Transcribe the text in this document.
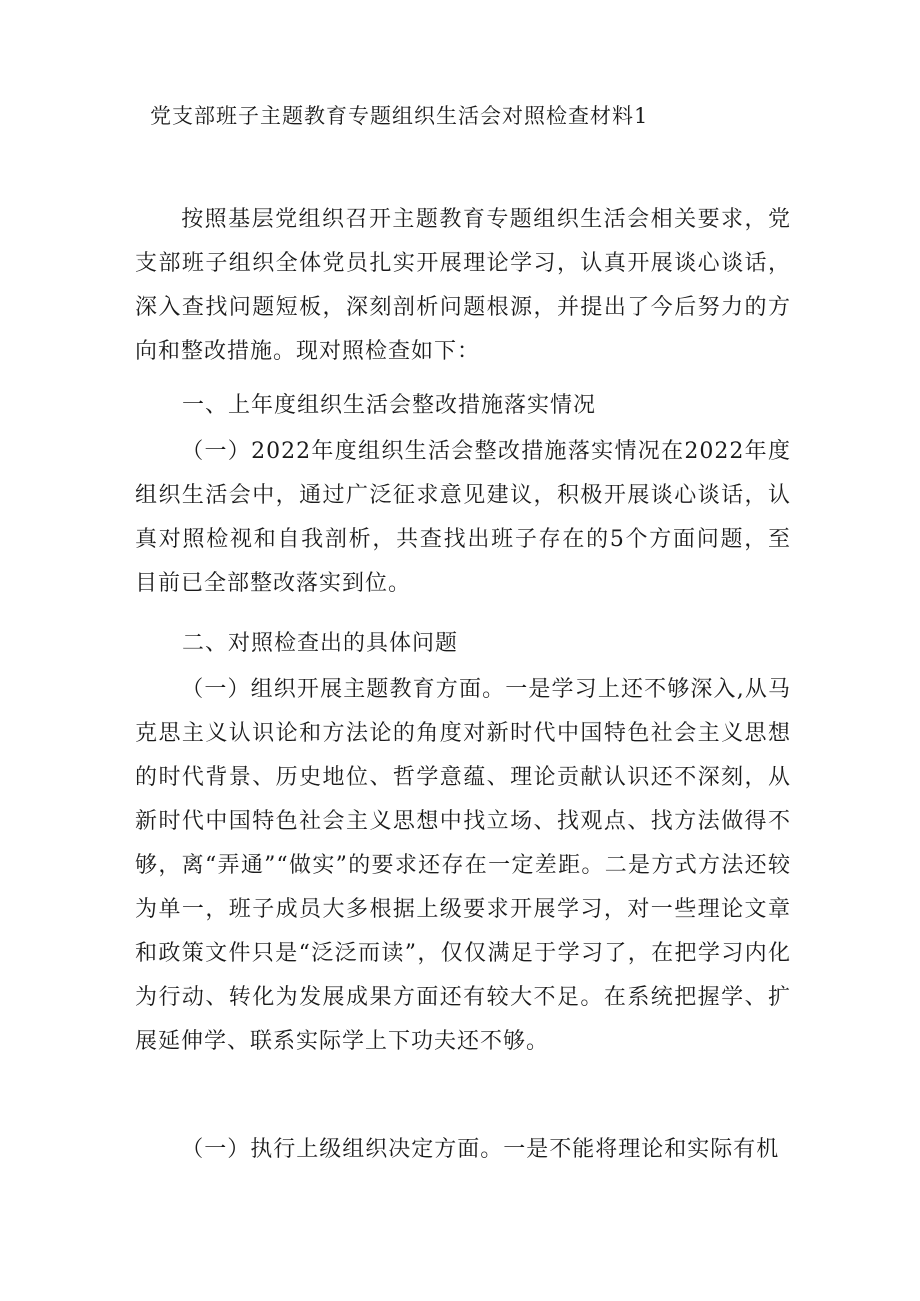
党支部班子主题教育专题组织生活会对照检查材料1

按照基层党组织召开主题教育专题组织生活会相关要求，党支部班子组织全体党员扎实开展理论学习，认真开展谈心谈话，深入查找问题短板，深刻剖析问题根源，并提出了今后努力的方向和整改措施。现对照检查如下：

一、上年度组织生活会整改措施落实情况

（一）2022年度组织生活会整改措施落实情况在2022年度组织生活会中，通过广泛征求意见建议，积极开展谈心谈话，认真对照检视和自我剖析，共查找出班子存在的5个方面问题，至目前已全部整改落实到位。

二、对照检查出的具体问题

（一）组织开展主题教育方面。一是学习上还不够深入,从马克思主义认识论和方法论的角度对新时代中国特色社会主义思想的时代背景、历史地位、哲学意蕴、理论贡献认识还不深刻，从新时代中国特色社会主义思想中找立场、找观点、找方法做得不够，离“弄通”“做实”的要求还存在一定差距。二是方式方法还较为单一，班子成员大多根据上级要求开展学习，对一些理论文章和政策文件只是“泛泛而读”，仅仅满足于学习了，在把学习内化为行动、转化为发展成果方面还有较大不足。在系统把握学、扩展延伸学、联系实际学上下功夫还不够。

（一）执行上级组织决定方面。一是不能将理论和实际有机
